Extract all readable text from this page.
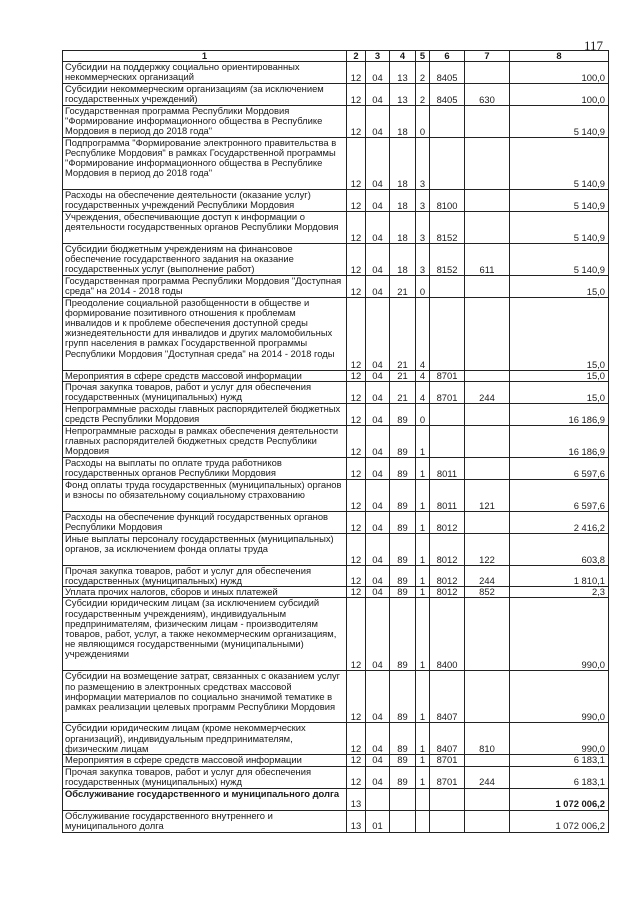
117
1	2	3	4	5	6	7	8
Субсидии на поддержку социально ориентированных некоммерческих организаций	12	04	13	2	8405		100,0
Субсидии некоммерческим организациям (за исключением государственных учреждений)	12	04	13	2	8405	630	100,0
Государственная программа Республики Мордовия "Формирование информационного общества в Республике Мордовия в период до 2018 года"	12	04	18	0			5 140,9
Подпрограмма "Формирование электронного правительства в Республике Мордовия" в рамках Государственной программы "Формирование информационного общества в Республике Мордовия в период до 2018 года"	12	04	18	3			5 140,9
Расходы на обеспечение деятельности (оказание услуг) государственных учреждений Республики Мордовия	12	04	18	3	8100		5 140,9
Учреждения, обеспечивающие доступ к информации о деятельности государственных органов Республики Мордовия	12	04	18	3	8152		5 140,9
Субсидии бюджетным учреждениям на финансовое обеспечение государственного задания на оказание государственных услуг (выполнение работ)	12	04	18	3	8152	611	5 140,9
Государственная программа Республики Мордовия "Доступная среда" на 2014 - 2018 годы	12	04	21	0			15,0
Преодоление социальной разобщенности в обществе и формирование позитивного отношения к проблемам инвалидов и к проблеме обеспечения доступной среды жизнедеятельности для инвалидов и других маломобильных групп населения в рамках Государственной программы Республики Мордовия "Доступная среда" на 2014 - 2018 годы	12	04	21	4			15,0
Мероприятия в сфере средств массовой информации	12	04	21	4	8701		15,0
Прочая закупка товаров, работ и услуг для обеспечения государственных (муниципальных) нужд	12	04	21	4	8701	244	15,0
Непрограммные расходы главных распорядителей бюджетных средств Республики Мордовия	12	04	89	0			16 186,9
Непрограммные расходы в рамках обеспечения деятельности главных распорядителей бюджетных средств Республики Мордовия	12	04	89	1			16 186,9
Расходы на выплаты по оплате труда работников государственных органов Республики Мордовия	12	04	89	1	8011		6 597,6
Фонд оплаты труда государственных (муниципальных) органов и взносы по обязательному социальному страхованию	12	04	89	1	8011	121	6 597,6
Расходы на обеспечение функций государственных органов Республики Мордовия	12	04	89	1	8012		2 416,2
Иные выплаты персоналу государственных (муниципальных) органов, за исключением фонда оплаты труда	12	04	89	1	8012	122	603,8
Прочая закупка товаров, работ и услуг для обеспечения государственных (муниципальных) нужд	12	04	89	1	8012	244	1 810,1
Уплата прочих налогов, сборов и иных платежей	12	04	89	1	8012	852	2,3
Субсидии юридическим лицам (за исключением субсидий государственным учреждениям), индивидуальным предпринимателям, физическим лицам - производителям товаров, работ, услуг, а также некоммерческим организациям, не являющимся государственными (муниципальными) учреждениями	12	04	89	1	8400		990,0
Субсидии на возмещение затрат, связанных с оказанием услуг по размещению в электронных средствах массовой информации материалов по социально значимой тематике в рамках реализации целевых программ Республики Мордовия	12	04	89	1	8407		990,0
Субсидии юридическим лицам (кроме некоммерческих организаций), индивидуальным предпринимателям, физическим лицам	12	04	89	1	8407	810	990,0
Мероприятия в сфере средств массовой информации	12	04	89	1	8701		6 183,1
Прочая закупка товаров, работ и услуг для обеспечения государственных (муниципальных) нужд	12	04	89	1	8701	244	6 183,1
Обслуживание государственного и муниципального долга	13						1 072 006,2
Обслуживание государственного внутреннего и муниципального долга	13	01					1 072 006,2
